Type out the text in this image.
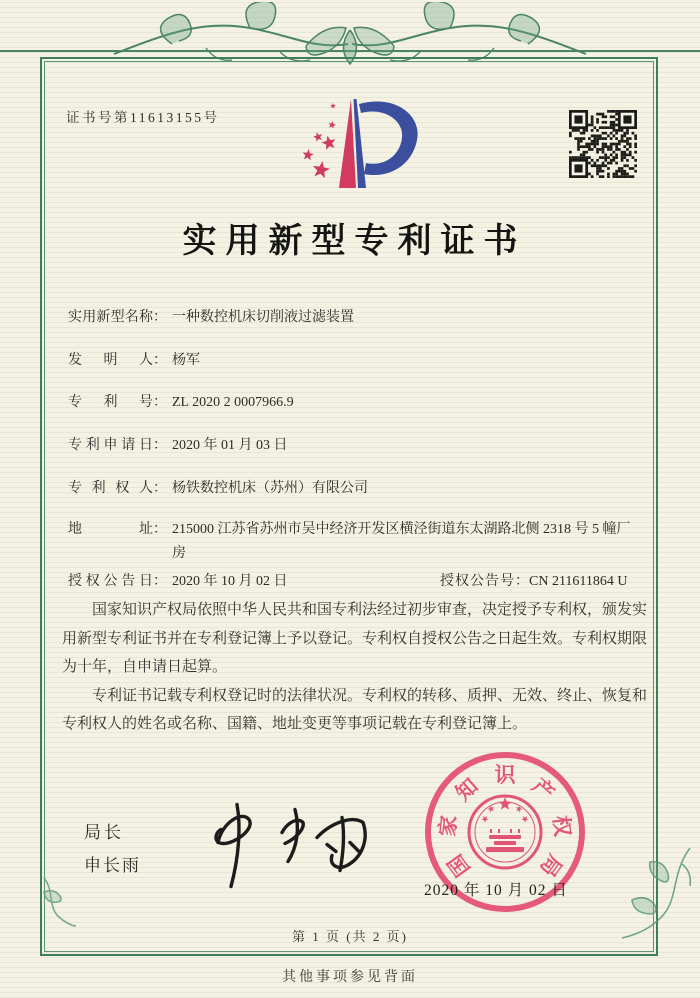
证书号第11613155号
实用新型专利证书
实用新型名称： 一种数控机床切削液过滤装置
发明人： 杨军
专利号： ZL 2020 2 0007966.9
专利申请日： 2020 年 01 月 03 日
专利权人： 杨铁数控机床（苏州）有限公司
地址： 215000 江苏省苏州市吴中经济开发区横泾街道东太湖路北侧 2318 号 5 幢厂房
授权公告日： 2020 年 10 月 02 日	授权公告号：CN 211611864 U

国家知识产权局依照中华人民共和国专利法经过初步审查，决定授予专利权，颁发实用新型专利证书并在专利登记簿上予以登记。专利权自授权公告之日起生效。专利权期限为十年，自申请日起算。

专利证书记载专利权登记时的法律状况。专利权的转移、质押、无效、终止、恢复和专利权人的姓名或名称、国籍、地址变更等事项记载在专利登记簿上。

局长
申长雨	国
家
知 识 产
权
局
2020 年 10 月 02 日
第 1 页 (共 2 页)
其他事项参见背面
